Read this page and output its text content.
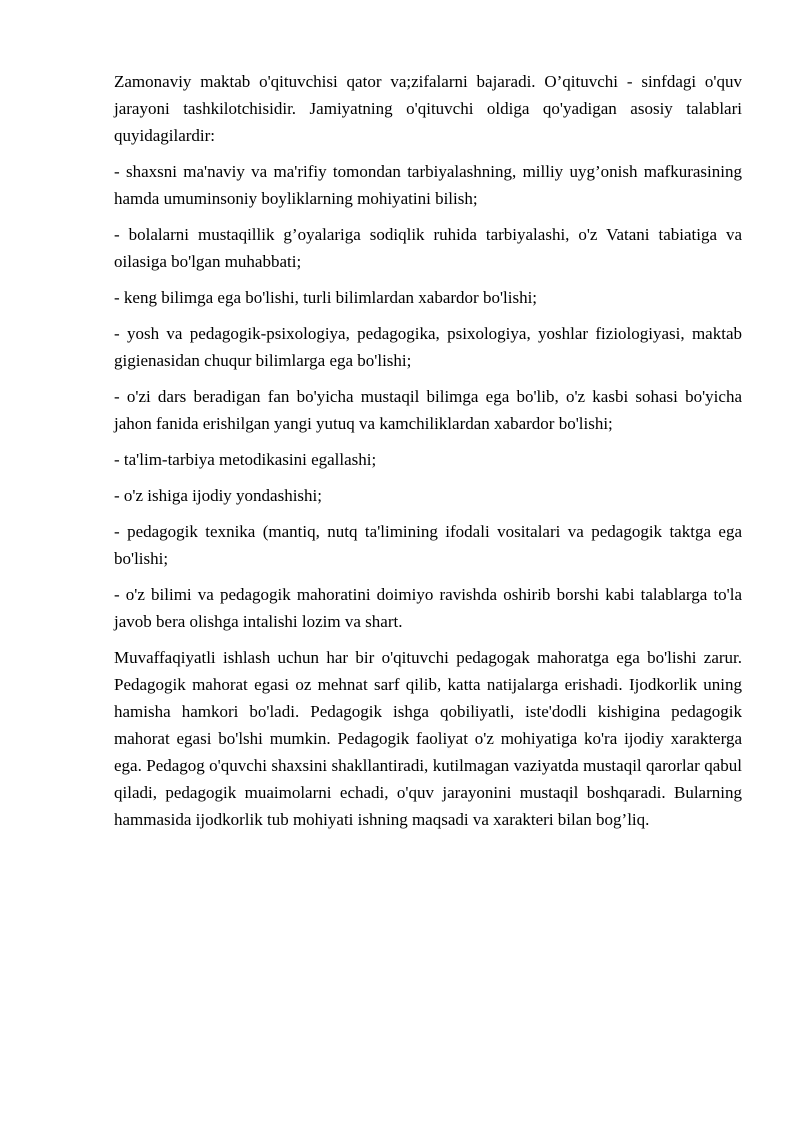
Zamonaviy maktab o'qituvchisi qator va;zifalarni bajaradi. O’qituvchi - sinfdagi o'quv jarayoni tashkilotchisidir. Jamiyatning o'qituvchi oldiga qo'yadigan asosiy talablari quyidagilardir:

- shaxsni ma'naviy va ma'rifiy tomondan tarbiyalashning, milliy uyg’onish mafkurasining hamda umuminsoniy boyliklarning mohiyatini bilish;

- bolalarni mustaqillik g’oyalariga sodiqlik ruhida tarbiyalashi, o'z Vatani tabiatiga va oilasiga bo'lgan muhabbati;

- keng bilimga ega bo'lishi, turli bilimlardan xabardor bo'lishi;

- yosh va pedagogik-psixologiya, pedagogika, psixologiya, yoshlar fiziologiyasi, maktab gigienasidan chuqur bilimlarga ega bo'lishi;

- o'zi dars beradigan fan bo'yicha mustaqil bilimga ega bo'lib, o'z kasbi sohasi bo'yicha jahon fanida erishilgan yangi yutuq va kamchiliklardan xabardor bo'lishi;

- ta'lim-tarbiya metodikasini egallashi;

- o'z ishiga ijodiy yondashishi;

- pedagogik texnika (mantiq, nutq ta'limining ifodali vositalari va pedagogik taktga ega bo'lishi;

- o'z bilimi va pedagogik mahoratini doimiyo ravishda oshirib borshi kabi talablarga to'la javob bera olishga intalishi lozim va shart.

Muvaffaqiyatli ishlash uchun har bir o'qituvchi pedagogak mahoratga ega bo'lishi zarur. Pedagogik mahorat egasi oz mehnat sarf qilib, katta natijalarga erishadi. Ijodkorlik uning hamisha hamkori bo'ladi. Pedagogik ishga qobiliyatli, iste'dodli kishigina pedagogik mahorat egasi bo'lshi mumkin. Pedagogik faoliyat o'z mohiyatiga ko'ra ijodiy xarakterga ega. Pedagog o'quvchi shaxsini shakllantiradi, kutilmagan vaziyatda mustaqil qarorlar qabul qiladi, pedagogik muaimolarni echadi, o'quv jarayonini mustaqil boshqaradi. Bularning hammasida ijodkorlik tub mohiyati ishning maqsadi va xarakteri bilan bog’liq.
